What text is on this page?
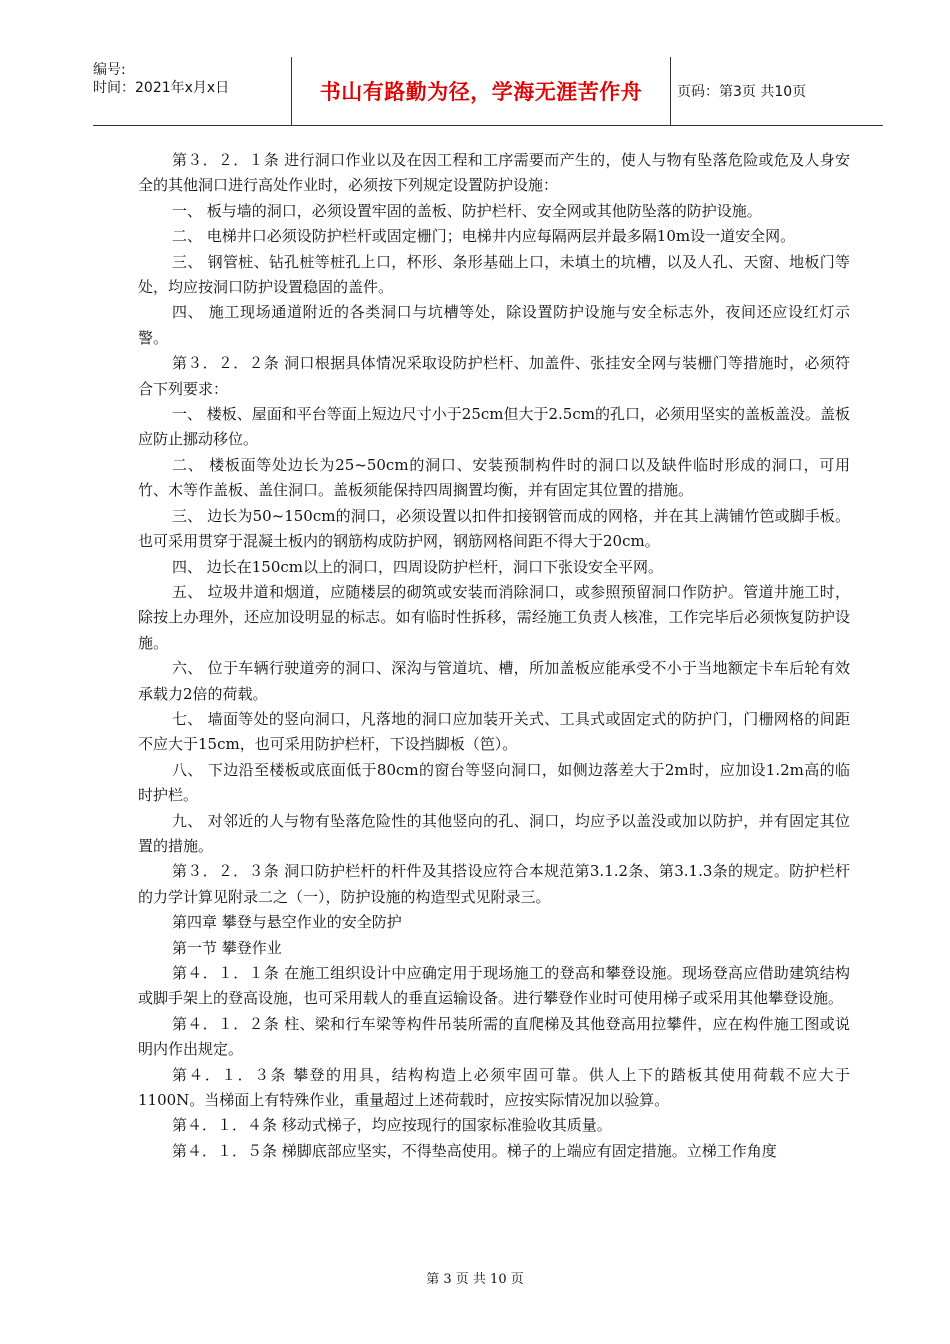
编号:
时间：2021年x月x日	书山有路勤为径，学海无涯苦作舟	页码：第3页 共10页

第３．２．１条 进行洞口作业以及在因工程和工序需要而产生的，使人与物有坠落危险或危及人身安全的其他洞口进行高处作业时，必须按下列规定设置防护设施：

一、 板与墙的洞口，必须设置牢固的盖板、防护栏杆、安全网或其他防坠落的防护设施。

二、 电梯井口必须设防护栏杆或固定栅门；电梯井内应每隔两层并最多隔10m设一道安全网。

三、 钢管桩、钻孔桩等桩孔上口，杯形、条形基础上口，未填土的坑槽，以及人孔、天窗、地板门等处，均应按洞口防护设置稳固的盖件。

四、 施工现场通道附近的各类洞口与坑槽等处，除设置防护设施与安全标志外，夜间还应设红灯示警。

第３．２．２条 洞口根据具体情况采取设防护栏杆、加盖件、张挂安全网与装栅门等措施时，必须符合下列要求：

一、 楼板、屋面和平台等面上短边尺寸小于25cm但大于2.5cm的孔口，必须用坚实的盖板盖没。盖板应防止挪动移位。

二、 楼板面等处边长为25~50cm的洞口、安装预制构件时的洞口以及缺件临时形成的洞口，可用竹、木等作盖板、盖住洞口。盖板须能保持四周搁置均衡，并有固定其位置的措施。

三、 边长为50~150cm的洞口，必须设置以扣件扣接钢管而成的网格，并在其上满铺竹笆或脚手板。也可采用贯穿于混凝土板内的钢筋构成防护网，钢筋网格间距不得大于20cm。

四、 边长在150cm以上的洞口，四周设防护栏杆，洞口下张设安全平网。

五、 垃圾井道和烟道，应随楼层的砌筑或安装而消除洞口，或参照预留洞口作防护。管道井施工时，除按上办理外，还应加设明显的标志。如有临时性拆移，需经施工负责人核准，工作完毕后必须恢复防护设施。

六、 位于车辆行驶道旁的洞口、深沟与管道坑、槽，所加盖板应能承受不小于当地额定卡车后轮有效承载力2倍的荷载。

七、 墙面等处的竖向洞口，凡落地的洞口应加装开关式、工具式或固定式的防护门，门栅网格的间距不应大于15cm，也可采用防护栏杆，下设挡脚板（笆）。

八、 下边沿至楼板或底面低于80cm的窗台等竖向洞口，如侧边落差大于2m时，应加设1.2m高的临时护栏。

九、 对邻近的人与物有坠落危险性的其他竖向的孔、洞口，均应予以盖没或加以防护，并有固定其位置的措施。

第３．２．３条 洞口防护栏杆的杆件及其搭设应符合本规范第3.1.2条、第3.1.3条的规定。防护栏杆的力学计算见附录二之（一），防护设施的构造型式见附录三。

第四章 攀登与悬空作业的安全防护

第一节 攀登作业

第４．１．１条 在施工组织设计中应确定用于现场施工的登高和攀登设施。现场登高应借助建筑结构或脚手架上的登高设施，也可采用载人的垂直运输设备。进行攀登作业时可使用梯子或采用其他攀登设施。

第４．１．２条 柱、梁和行车梁等构件吊装所需的直爬梯及其他登高用拉攀件，应在构件施工图或说明内作出规定。

第４．１．３条 攀登的用具，结构构造上必须牢固可靠。供人上下的踏板其使用荷载不应大于1100N。当梯面上有特殊作业，重量超过上述荷载时，应按实际情况加以验算。

第４．１．４条 移动式梯子，均应按现行的国家标准验收其质量。

第４．１．５条 梯脚底部应坚实，不得垫高使用。梯子的上端应有固定措施。立梯工作角度

第 3 页 共 10 页
